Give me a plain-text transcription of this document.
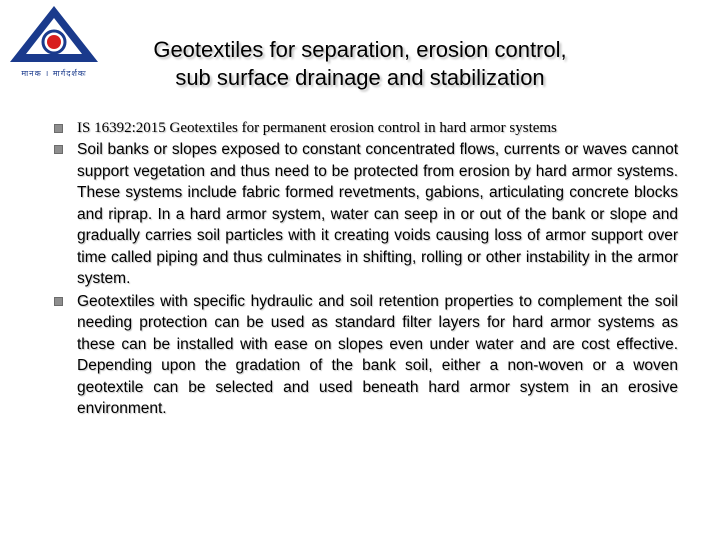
मानक । मार्गदर्शकः
Geotextiles for separation, erosion control,
sub surface drainage and stabilization
IS 16392:2015 Geotextiles for permanent erosion control in hard armor systems
Soil banks or slopes exposed to constant concentrated flows, currents or waves cannot support vegetation and thus need to be protected from erosion by hard armor systems. These systems include fabric formed revetments, gabions, articulating concrete blocks and riprap. In a hard armor system, water can seep in or out of the bank or slope and gradually carries soil particles with it creating voids causing loss of armor support over time called piping and thus culminates in shifting, rolling or other instability in the armor system.
Geotextiles with specific hydraulic and soil retention properties to complement the soil needing protection can be used as standard filter layers for hard armor systems as these can be installed with ease on slopes even under water and are cost effective. Depending upon the gradation of the bank soil, either a non-woven or a woven geotextile can be selected and used beneath hard armor system in an erosive environment.
